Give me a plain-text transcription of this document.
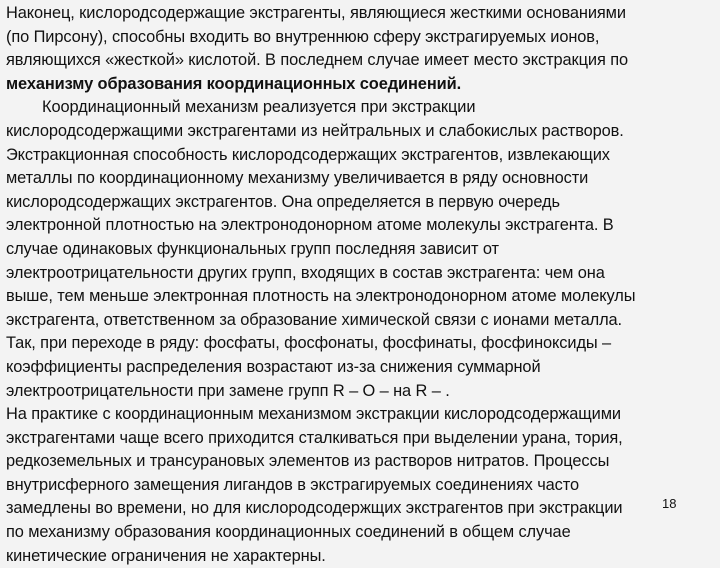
Наконец, кислородсодержащие экстрагенты, являющиеся жесткими основаниями
(по Пирсону), способны входить во внутреннюю сферу экстрагируемых ионов,
являющихся «жесткой» кислотой. В последнем случае имеет место экстракция по
механизму образования координационных соединений.
Координационный механизм реализуется при экстракции
кислородсодержащими экстрагентами из нейтральных и слабокислых растворов.
Экстракционная способность кислородсодержащих экстрагентов, извлекающих
металлы по координационному механизму увеличивается в ряду основности
кислородсодержащих экстрагентов. Она определяется в первую очередь
электронной плотностью на электронодонорном атоме молекулы экстрагента. В
случае одинаковых функциональных групп последняя зависит от
электроотрицательности других групп, входящих в состав экстрагента: чем она
выше, тем меньше электронная плотность на электронодонорном атоме молекулы
экстрагента, ответственном за образование химической связи с ионами металла.
Так, при переходе в ряду: фосфаты, фосфонаты, фосфинаты, фосфиноксиды –
коэффициенты распределения возрастают из-за снижения суммарной
электроотрицательности при замене групп R – O – на R – .
На практике с координационным механизмом экстракции кислородсодержащими
экстрагентами чаще всего приходится сталкиваться при выделении урана, тория,
редкоземельных и трансурановых элементов из растворов нитратов. Процессы
внутрисферного замещения лигандов в экстрагируемых соединениях часто
замедлены во времени, но для кислородсодержщих экстрагентов при экстракции
по механизму образования координационных соединений в общем случае
кинетические ограничения не характерны.
18
